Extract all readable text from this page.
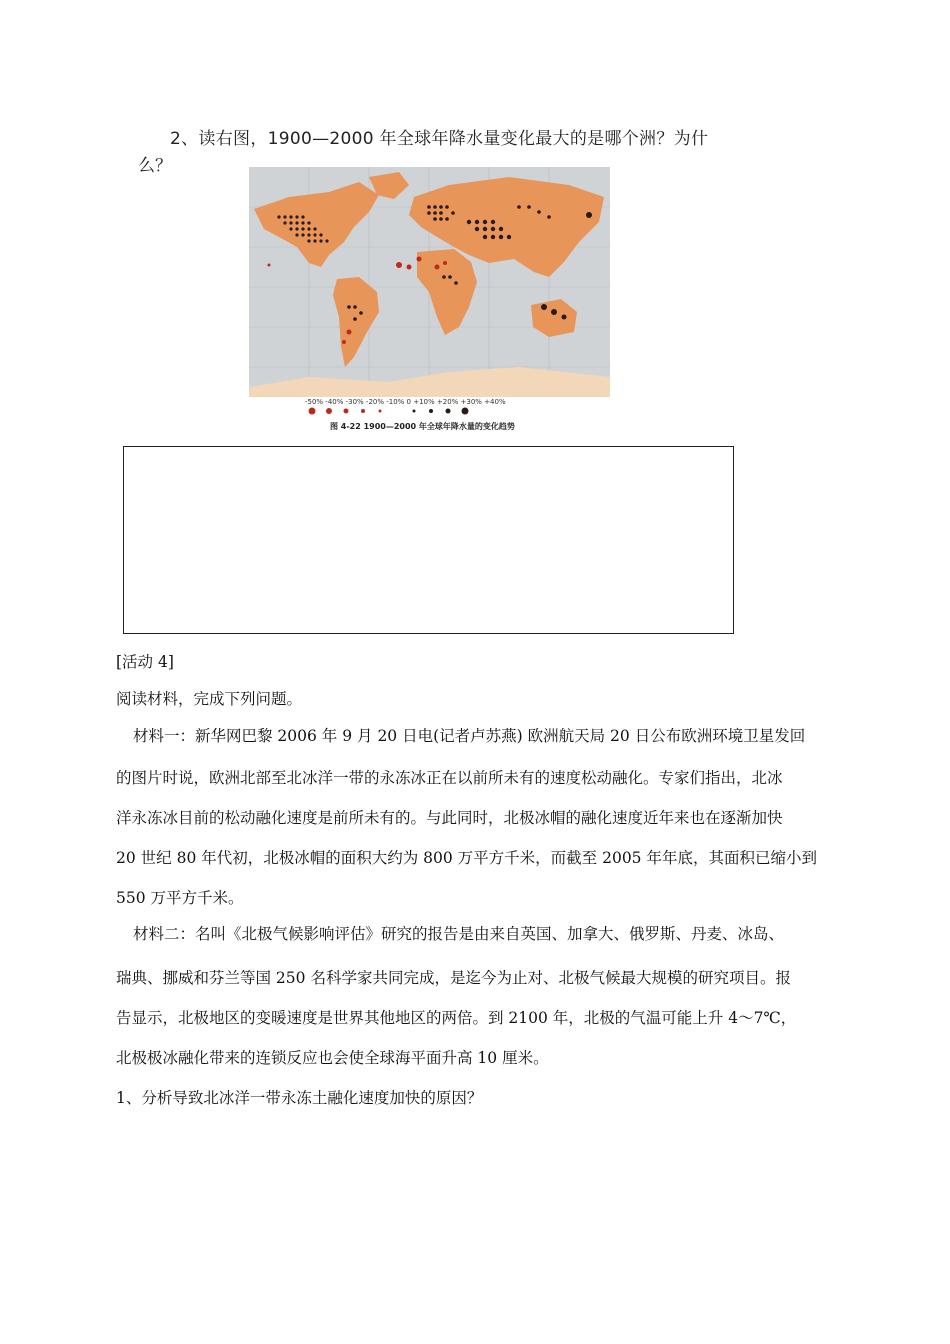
2、读右图，1900—2000 年全球年降水量变化最大的是哪个洲？为什
么？
-50% -40% -30% -20% -10% 0 +10% +20% +30% +40%
图 4-22 1900—2000 年全球年降水量的变化趋势
[活动 4]
阅读材料，完成下列问题。
材料一：新华网巴黎 2006 年 9 月 20 日电(记者卢苏燕) 欧洲航天局 20 日公布欧洲环境卫星发回
的图片时说，欧洲北部至北冰洋一带的永冻冰正在以前所未有的速度松动融化。专家们指出，北冰
洋永冻冰目前的松动融化速度是前所未有的。与此同时，北极冰帽的融化速度近年来也在逐渐加快
20 世纪 80 年代初，北极冰帽的面积大约为 800 万平方千米，而截至 2005 年年底，其面积已缩小到
550 万平方千米。
材料二：名叫《北极气候影响评估》研究的报告是由来自英国、加拿大、俄罗斯、丹麦、冰岛、
瑞典、挪威和芬兰等国 250 名科学家共同完成，是迄今为止对、北极气候最大规模的研究项目。报
告显示，北极地区的变暖速度是世界其他地区的两倍。到 2100 年，北极的气温可能上升 4～7℃，
北极极冰融化带来的连锁反应也会使全球海平面升高 10 厘米。
1、分析导致北冰洋一带永冻土融化速度加快的原因？
